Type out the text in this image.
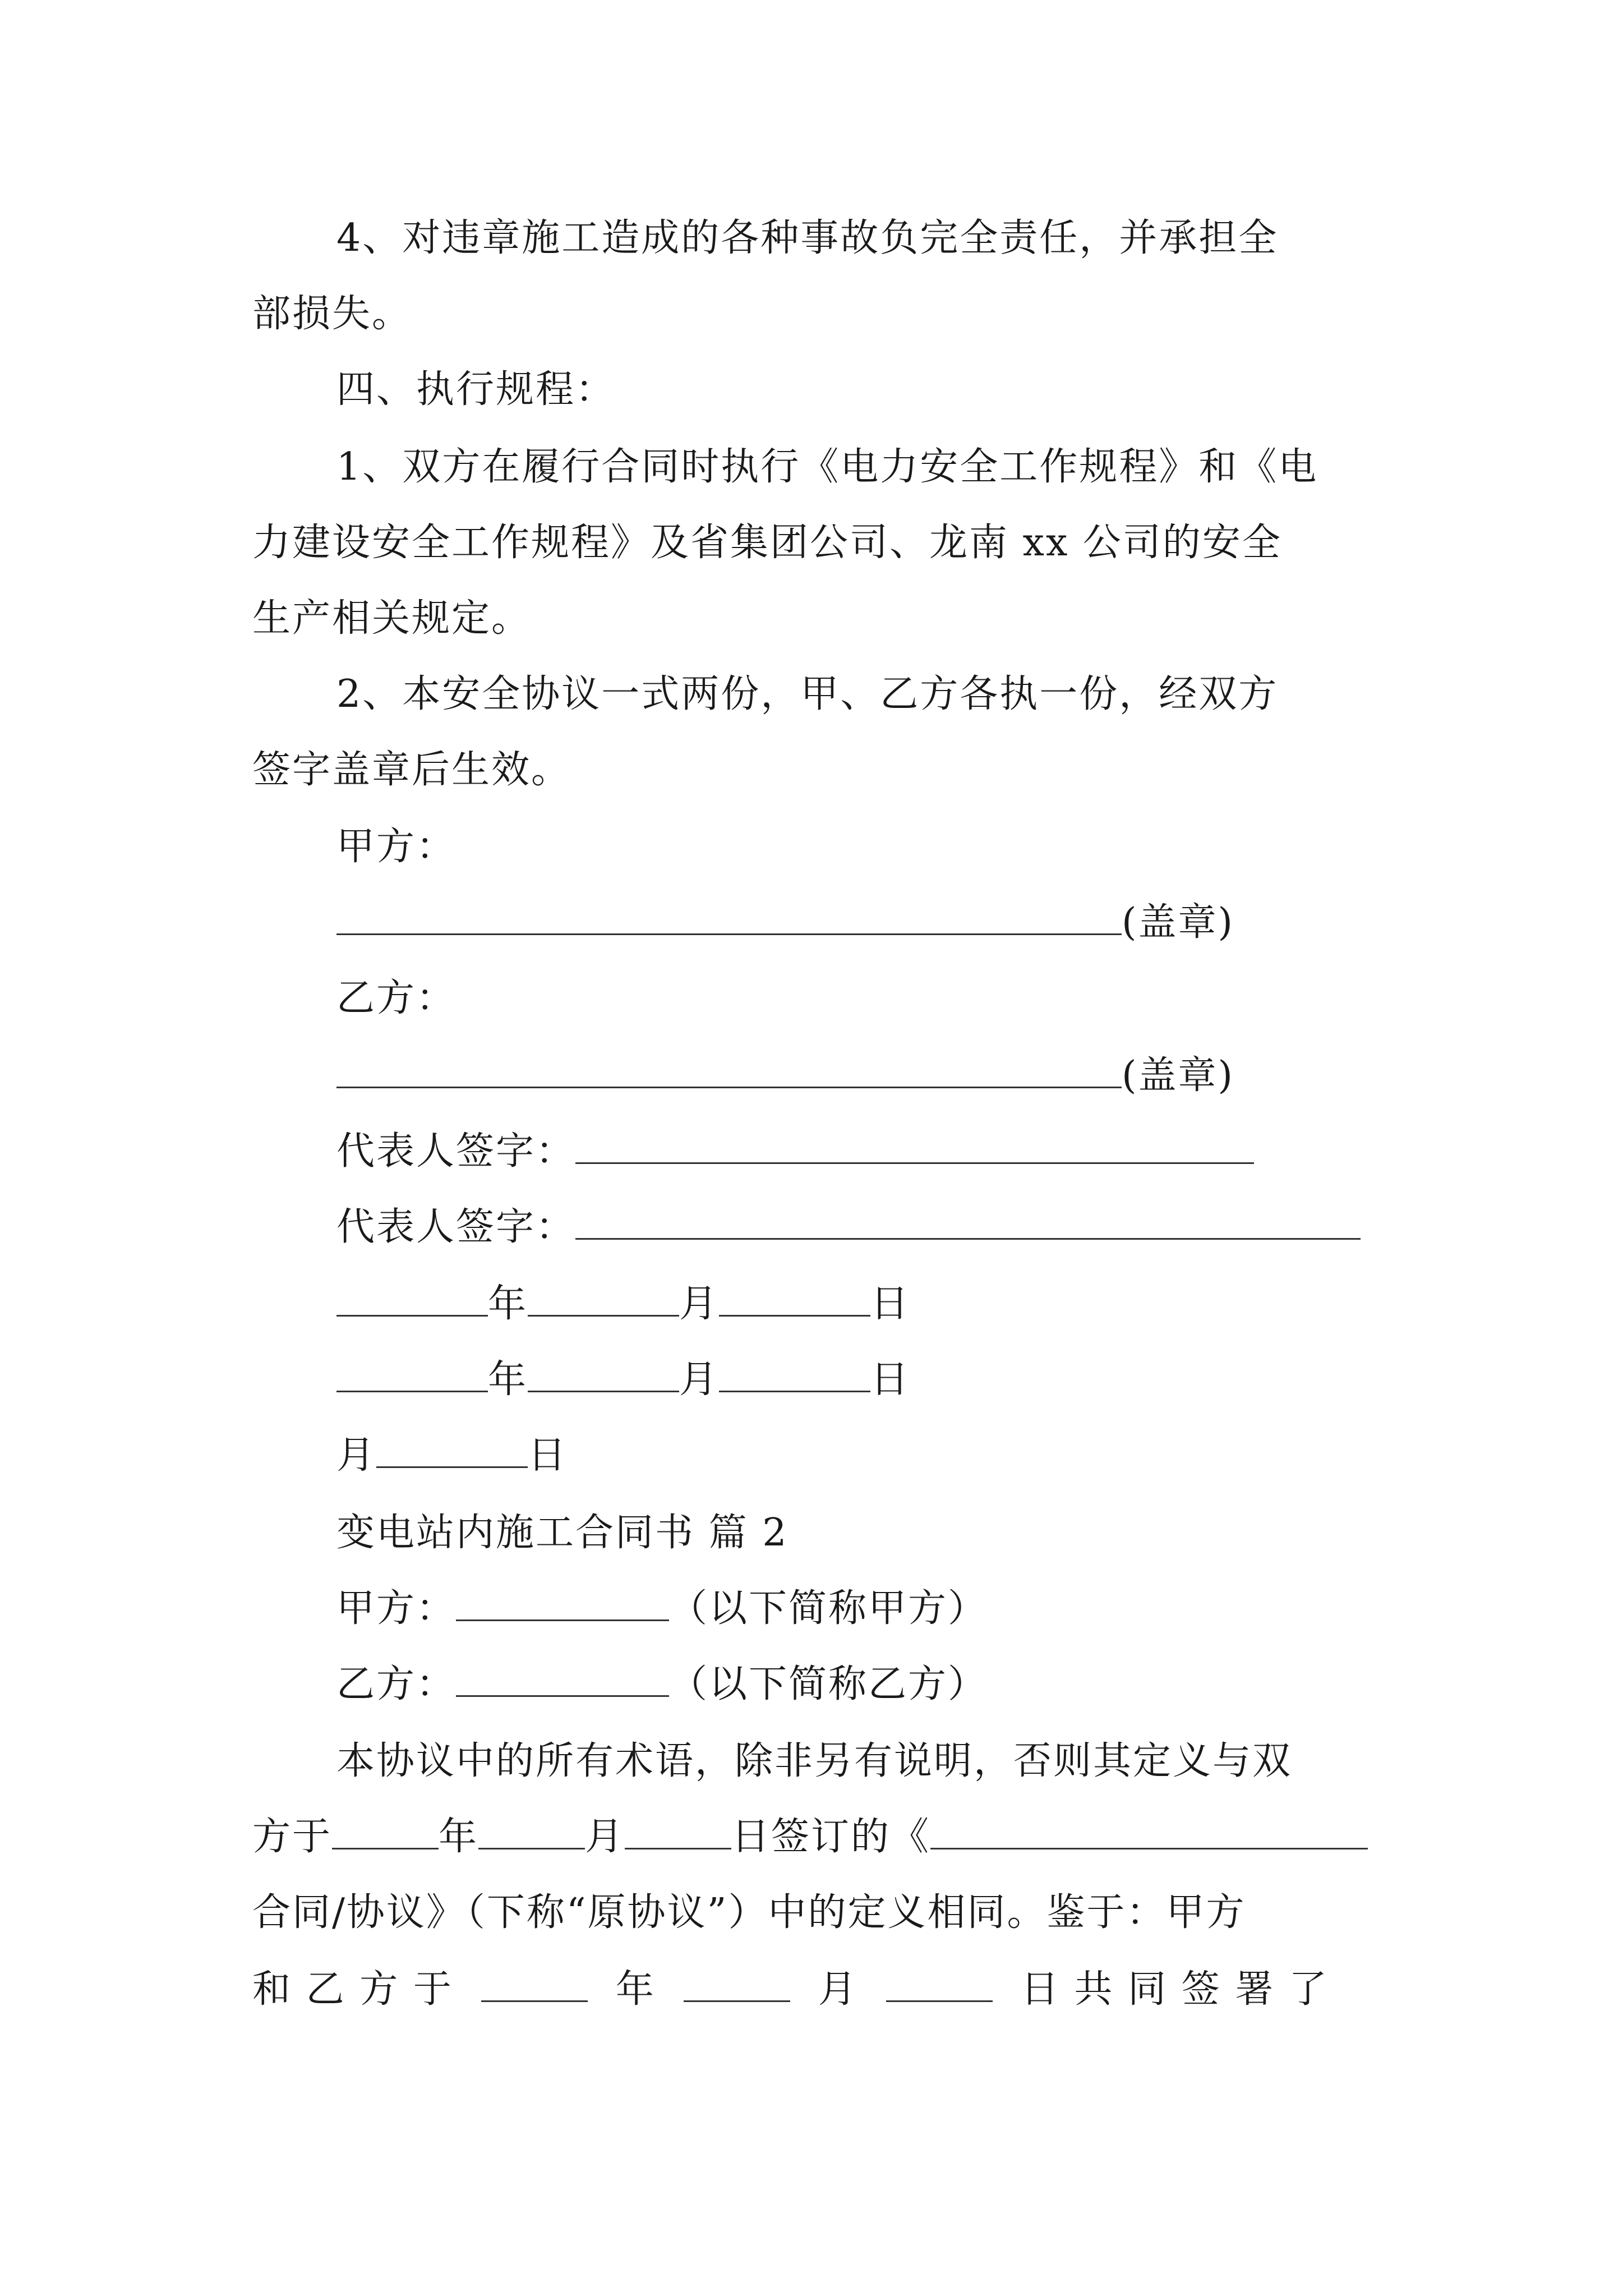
4、对违章施工造成的各种事故负完全责任，并承担全
部损失。
四、执行规程：
1、双方在履行合同时执行《电力安全工作规程》和《电
力建设安全工作规程》及省集团公司、龙南 xx 公司的安全
生产相关规定。
2、本安全协议一式两份，甲、乙方各执一份，经双方
签字盖章后生效。
甲方：
(盖章)
乙方：
(盖章)
代表人签字：
代表人签字：
年	月	日
年	月	日
月	日
变电站内施工合同书 篇 2
甲方：	（以下简称甲方）
乙方：	（以下简称乙方）
本协议中的所有术语，除非另有说明，否则其定义与双
方于	年	月	日签订的《
合同/协议》（下称“原协议”）中的定义相同。鉴于：甲方
和 乙 方 于	年	月	日 共 同 签 署 了
